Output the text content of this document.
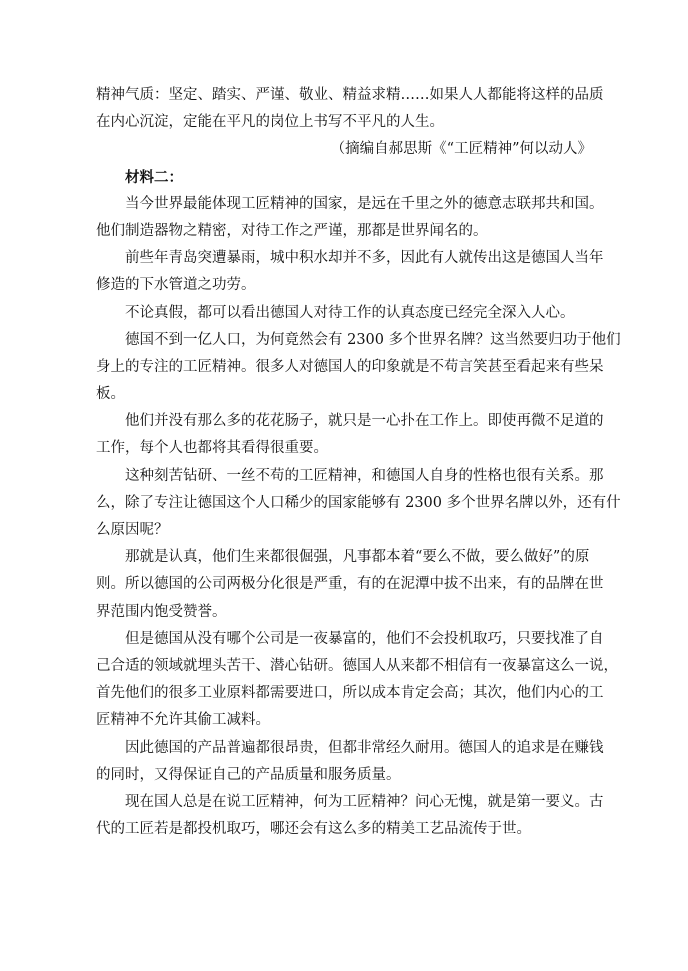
精神气质：坚定、踏实、严谨、敬业、精益求精……如果人人都能将这样的品质
在内心沉淀，定能在平凡的岗位上书写不平凡的人生。
（摘编自郝思斯《“工匠精神”何以动人》
材料二：
当今世界最能体现工匠精神的国家，是远在千里之外的德意志联邦共和国。
他们制造器物之精密，对待工作之严谨，那都是世界闻名的。
前些年青岛突遭暴雨，城中积水却并不多，因此有人就传出这是德国人当年
修造的下水管道之功劳。
不论真假，都可以看出德国人对待工作的认真态度已经完全深入人心。
德国不到一亿人口，为何竟然会有 2300 多个世界名牌？这当然要归功于他们
身上的专注的工匠精神。很多人对德国人的印象就是不苟言笑甚至看起来有些呆
板。
他们并没有那么多的花花肠子，就只是一心扑在工作上。即使再微不足道的
工作，每个人也都将其看得很重要。
这种刻苦钻研、一丝不苟的工匠精神，和德国人自身的性格也很有关系。那
么，除了专注让德国这个人口稀少的国家能够有 2300 多个世界名牌以外，还有什
么原因呢？
那就是认真，他们生来都很倔强，凡事都本着“要么不做，要么做好”的原
则。所以德国的公司两极分化很是严重，有的在泥潭中拔不出来，有的品牌在世
界范围内饱受赞誉。
但是德国从没有哪个公司是一夜暴富的，他们不会投机取巧，只要找准了自
己合适的领域就埋头苦干、潜心钻研。德国人从来都不相信有一夜暴富这么一说，
首先他们的很多工业原料都需要进口，所以成本肯定会高；其次，他们内心的工
匠精神不允许其偷工减料。
因此德国的产品普遍都很昂贵，但都非常经久耐用。德国人的追求是在赚钱
的同时，又得保证自己的产品质量和服务质量。
现在国人总是在说工匠精神，何为工匠精神？问心无愧，就是第一要义。古
代的工匠若是都投机取巧，哪还会有这么多的精美工艺品流传于世。
